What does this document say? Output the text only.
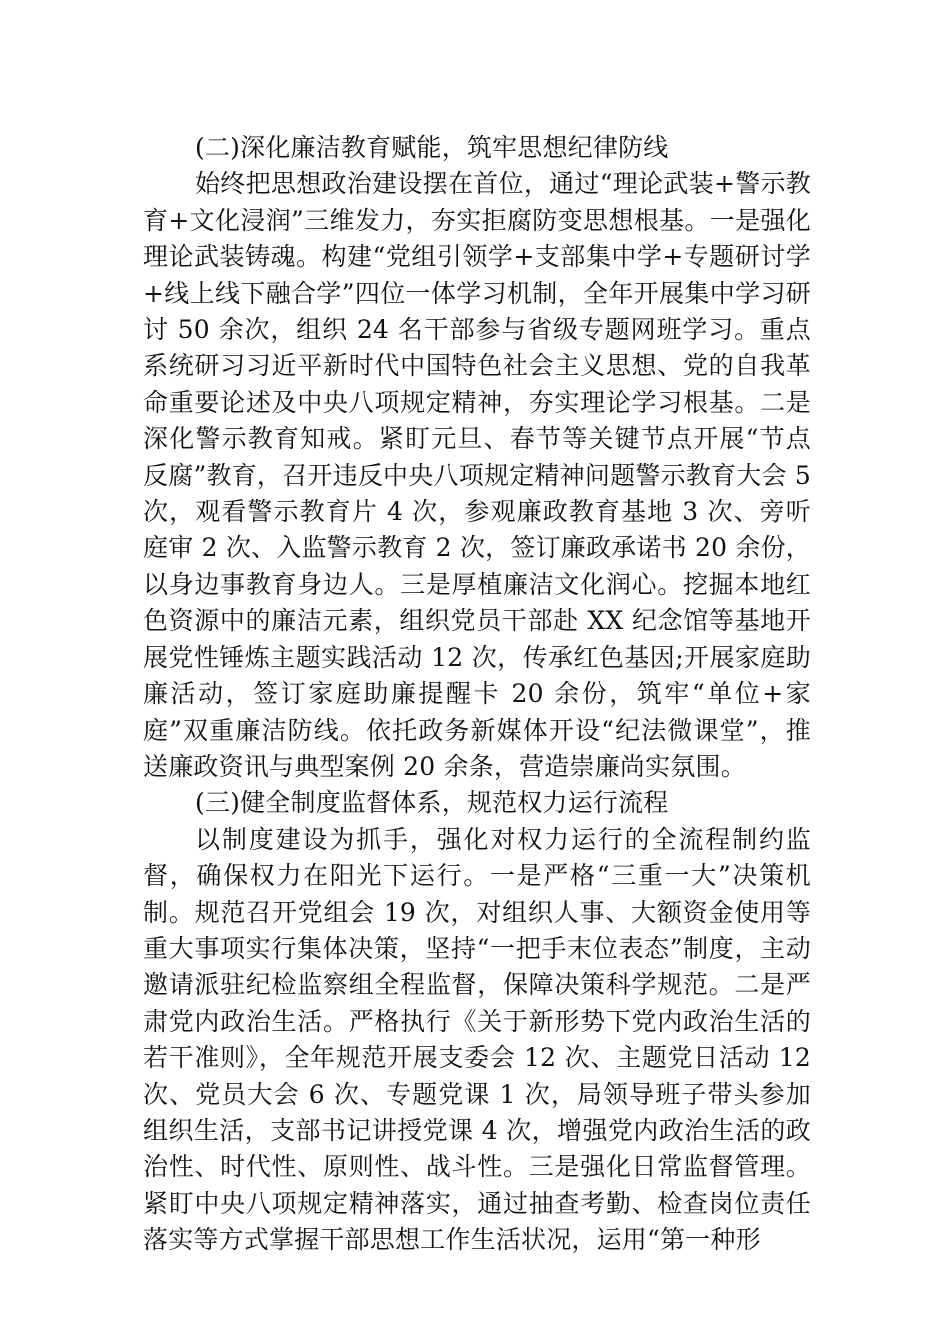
(二)深化廉洁教育赋能，筑牢思想纪律防线

始终把思想政治建设摆在首位，通过“理论武装+警示教育+文化浸润”三维发力，夯实拒腐防变思想根基。一是强化理论武装铸魂。构建“党组引领学+支部集中学+专题研讨学+线上线下融合学”四位一体学习机制，全年开展集中学习研讨 50 余次，组织 24 名干部参与省级专题网班学习。重点系统研习习近平新时代中国特色社会主义思想、党的自我革命重要论述及中央八项规定精神，夯实理论学习根基。二是深化警示教育知戒。紧盯元旦、春节等关键节点开展“节点反腐”教育，召开违反中央八项规定精神问题警示教育大会 5 次，观看警示教育片 4 次，参观廉政教育基地 3 次、旁听庭审 2 次、入监警示教育 2 次，签订廉政承诺书 20 余份，以身边事教育身边人。三是厚植廉洁文化润心。挖掘本地红色资源中的廉洁元素，组织党员干部赴 XX 纪念馆等基地开展党性锤炼主题实践活动 12 次，传承红色基因;开展家庭助廉活动，签订家庭助廉提醒卡 20 余份，筑牢“单位+家庭”双重廉洁防线。依托政务新媒体开设“纪法微课堂”，推送廉政资讯与典型案例 20 余条，营造崇廉尚实氛围。

(三)健全制度监督体系，规范权力运行流程

以制度建设为抓手，强化对权力运行的全流程制约监督，确保权力在阳光下运行。一是严格“三重一大”决策机制。规范召开党组会 19 次，对组织人事、大额资金使用等重大事项实行集体决策，坚持“一把手末位表态”制度，主动邀请派驻纪检监察组全程监督，保障决策科学规范。二是严肃党内政治生活。严格执行《关于新形势下党内政治生活的若干准则》，全年规范开展支委会 12 次、主题党日活动 12 次、党员大会 6 次、专题党课 1 次，局领导班子带头参加组织生活，支部书记讲授党课 4 次，增强党内政治生活的政治性、时代性、原则性、战斗性。三是强化日常监督管理。紧盯中央八项规定精神落实，通过抽查考勤、检查岗位责任落实等方式掌握干部思想工作生活状况，运用“第一种形
